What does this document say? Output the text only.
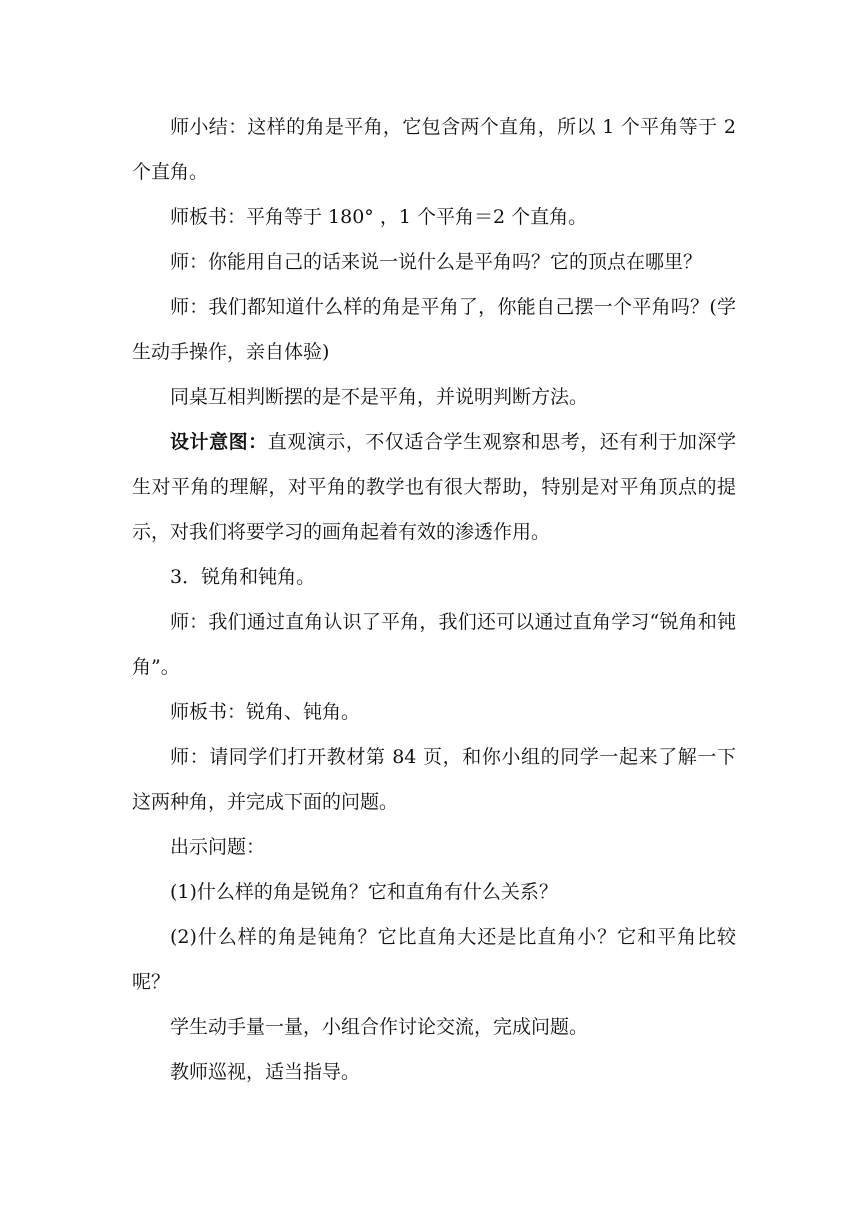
师小结：这样的角是平角，它包含两个直角，所以 1 个平角等于 2 个直角。

师板书：平角等于 180° ，1 个平角＝2 个直角。

师：你能用自己的话来说一说什么是平角吗？它的顶点在哪里？

师：我们都知道什么样的角是平角了，你能自己摆一个平角吗？(学生动手操作，亲自体验)

同桌互相判断摆的是不是平角，并说明判断方法。

设计意图：直观演示，不仅适合学生观察和思考，还有利于加深学生对平角的理解，对平角的教学也有很大帮助，特别是对平角顶点的提示，对我们将要学习的画角起着有效的渗透作用。

3．锐角和钝角。

师：我们通过直角认识了平角，我们还可以通过直角学习“锐角和钝角”。

师板书：锐角、钝角。

师：请同学们打开教材第 84 页，和你小组的同学一起来了解一下这两种角，并完成下面的问题。

出示问题：

(1)什么样的角是锐角？它和直角有什么关系？

(2)什么样的角是钝角？它比直角大还是比直角小？它和平角比较呢？

学生动手量一量，小组合作讨论交流，完成问题。

教师巡视，适当指导。
